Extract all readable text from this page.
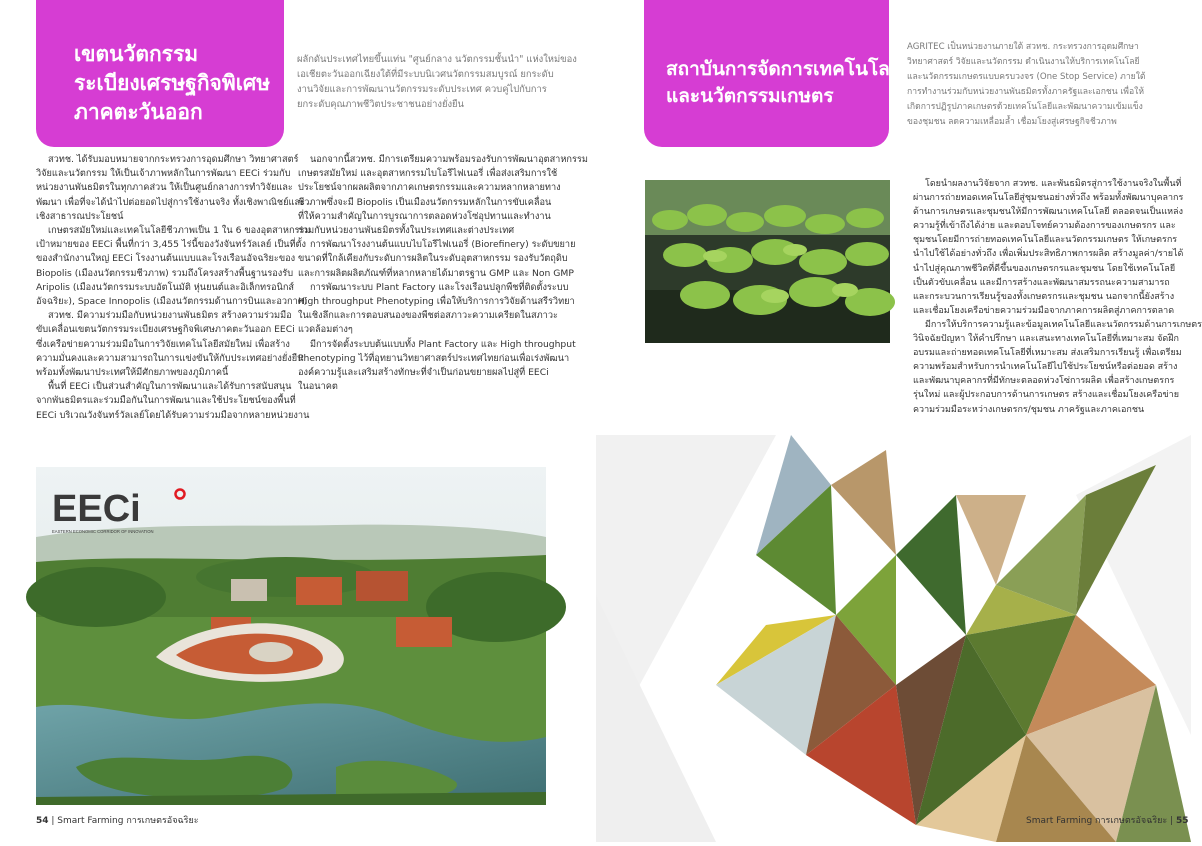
เขตนวัตกรรม
ระเบียงเศรษฐกิจพิเศษ
ภาคตะวันออก
ผลักดันประเทศไทยขึ้นแท่น "ศูนย์กลาง นวัตกรรมชั้นนำ" แห่งใหม่ของ
เอเชียตะวันออกเฉียงใต้ที่มีระบบนิเวศนวัตกรรมสมบูรณ์ ยกระดับ
งานวิจัยและการพัฒนานวัตกรรมระดับประเทศ ควบคู่ไปกับการ
ยกระดับคุณภาพชีวิตประชาชนอย่างยั่งยืน
สวทช. ได้รับมอบหมายจากกระทรวงการอุดมศึกษา วิทยาศาสตร์
วิจัยและนวัตกรรม ให้เป็นเจ้าภาพหลักในการพัฒนา EECi ร่วมกับ
หน่วยงานพันธมิตรในทุกภาคส่วน ให้เป็นศูนย์กลางการทำวิจัยและ
พัฒนา เพื่อที่จะได้นำไปต่อยอดไปสู่การใช้งานจริง ทั้งเชิงพาณิชย์และ
เชิงสาธารณประโยชน์
เกษตรสมัยใหม่และเทคโนโลยีชีวภาพเป็น 1 ใน 6 ของอุตสาหกรรม
เป้าหมายของ EECi พื้นที่กว่า 3,455 ไร่นี้ของวังจันทร์วัลเลย์ เป็นที่ตั้ง
ของสำนักงานใหญ่ EECi โรงงานต้นแบบและโรงเรือนอัจฉริยะของ
Biopolis (เมืองนวัตกรรมชีวภาพ) รวมถึงโครงสร้างพื้นฐานรองรับ
Aripolis (เมืองนวัตกรรมระบบอัตโนมัติ หุ่นยนต์และอิเล็กทรอนิกส์
อัจฉริยะ), Space Innopolis (เมืองนวัตกรรมด้านการบินและอวกาศ)
สวทช. มีความร่วมมือกับหน่วยงานพันธมิตร สร้างความร่วมมือ
ขับเคลื่อนเขตนวัตกรรมระเบียงเศรษฐกิจพิเศษภาคตะวันออก EECi
ซึ่งเครือข่ายความร่วมมือในการวิจัยเทคโนโลยีสมัยใหม่ เพื่อสร้าง
ความมั่นคงและความสามารถในการแข่งขันให้กับประเทศอย่างยั่งยืน
พร้อมทั้งพัฒนาประเทศให้มีศักยภาพของภูมิภาคนี้
พื้นที่ EECi เป็นส่วนสำคัญในการพัฒนาและได้รับการสนับสนุน
จากพันธมิตรและร่วมมือกันในการพัฒนาและใช้ประโยชน์ของพื้นที่
EECi บริเวณวังจันทร์วัลเลย์โดยได้รับความร่วมมือจากหลายหน่วยงาน
นอกจากนี้สวทช. มีการเตรียมความพร้อมรองรับการพัฒนาอุตสาหกรรม
เกษตรสมัยใหม่ และอุตสาหกรรมไบโอรีไฟเนอรี่ เพื่อส่งเสริมการใช้
ประโยชน์จากผลผลิตจากภาคเกษตรกรรมและความหลากหลายทาง
ชีวภาพซึ่งจะมี Biopolis เป็นเมืองนวัตกรรมหลักในการขับเคลื่อน
ที่ให้ความสำคัญในการบูรณาการตลอดห่วงโซ่อุปทานและทำงาน
ร่วมกับหน่วยงานพันธมิตรทั้งในประเทศและต่างประเทศ
การพัฒนาโรงงานต้นแบบไบโอรีไฟเนอรี่ (Biorefinery) ระดับขยาย
ขนาดที่ใกล้เคียงกับระดับการผลิตในระดับอุตสาหกรรม รองรับวัตถุดิบ
และการผลิตผลิตภัณฑ์ที่หลากหลายได้มาตรฐาน GMP และ Non GMP
การพัฒนาระบบ Plant Factory และโรงเรือนปลูกพืชที่ติดตั้งระบบ
High throughput Phenotyping เพื่อให้บริการการวิจัยด้านสรีรวิทยา
ในเชิงลึกและการตอบสนองของพืชต่อสภาวะความเครียดในสภาวะ
แวดล้อมต่างๆ
มีการจัดตั้งระบบต้นแบบทั้ง Plant Factory และ High throughput
Phenotyping ไว้ที่อุทยานวิทยาศาสตร์ประเทศไทยก่อนเพื่อเร่งพัฒนา
องค์ความรู้และเสริมสร้างทักษะที่จำเป็นก่อนขยายผลไปสู่ที่ EECi
ในอนาคต
EECi
EASTERN ECONOMIC CORRIDOR OF INNOVATION
54 | Smart Farming การเกษตรอัจฉริยะ
สถาบันการจัดการเทคโนโลยี
และนวัตกรรมเกษตร
AGRITEC เป็นหน่วยงานภายใต้ สวทช. กระทรวงการอุดมศึกษา
วิทยาศาสตร์ วิจัยและนวัตกรรม ดำเนินงานให้บริการเทคโนโลยี
และนวัตกรรมเกษตรแบบครบวงจร (One Stop Service) ภายใต้
การทำงานร่วมกับหน่วยงานพันธมิตรทั้งภาครัฐและเอกชน เพื่อให้
เกิดการปฏิรูปภาคเกษตรด้วยเทคโนโลยีและพัฒนาความเข้มแข็ง
ของชุมชน ลดความเหลื่อมล้ำ เชื่อมโยงสู่เศรษฐกิจชีวภาพ
โดยนำผลงานวิจัยจาก สวทช. และพันธมิตรสู่การใช้งานจริงในพื้นที่
ผ่านการถ่ายทอดเทคโนโลยีสู่ชุมชนอย่างทั่วถึง พร้อมทั้งพัฒนาบุคลากร
ด้านการเกษตรและชุมชนให้มีการพัฒนาเทคโนโลยี ตลอดจนเป็นแหล่ง
ความรู้ที่เข้าถึงได้ง่าย และตอบโจทย์ความต้องการของเกษตรกร และ
ชุมชนโดยมีการถ่ายทอดเทคโนโลยีและนวัตกรรมเกษตร ให้เกษตรกร
นำไปใช้ได้อย่างทั่วถึง เพื่อเพิ่มประสิทธิภาพการผลิต สร้างมูลค่า/รายได้
นำไปสู่คุณภาพชีวิตที่ดีขึ้นของเกษตรกรและชุมชน โดยใช้เทคโนโลยี
เป็นตัวขับเคลื่อน และมีการสร้างและพัฒนาสมรรถนะความสามารถ
และกระบวนการเรียนรู้ของทั้งเกษตรกรและชุมชน นอกจากนี้ยังสร้าง
และเชื่อมโยงเครือข่ายความร่วมมือจากภาคการผลิตสู่ภาคการตลาด
มีการให้บริการความรู้และข้อมูลเทคโนโลยีและนวัตกรรมด้านการเกษตร
วินิจฉัยปัญหา ให้คำปรึกษา และเสนะทางเทคโนโลยีที่เหมาะสม จัดฝึก
อบรมและถ่ายทอดเทคโนโลยีที่เหมาะสม ส่งเสริมการเรียนรู้ เพื่อเตรียม
ความพร้อมสำหรับการนำเทคโนโลยีไปใช้ประโยชน์หรือต่อยอด สร้าง
และพัฒนาบุคลากรที่มีทักษะตลอดห่วงโซ่การผลิต เพื่อสร้างเกษตรกร
รุ่นใหม่ และผู้ประกอบการด้านการเกษตร สร้างและเชื่อมโยงเครือข่าย
ความร่วมมือระหว่างเกษตรกร/ชุมชน ภาครัฐและภาคเอกชน
Smart Farming การเกษตรอัจฉริยะ | 55
